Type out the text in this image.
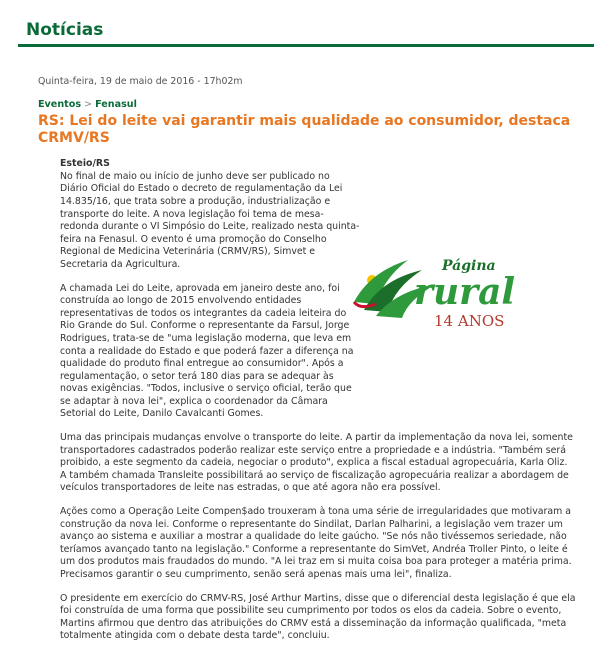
Notícias
Quinta-feira, 19 de maio de 2016 - 17h02m
Eventos > Fenasul
RS: Lei do leite vai garantir mais qualidade ao consumidor, destaca CRMV/RS
Esteio/RS

No final de maio ou início de junho deve ser publicado no Diário Oficial do Estado o decreto de regulamentação da Lei 14.835/16, que trata sobre a produção, industrialização e transporte do leite. A nova legislação foi tema de mesa-redonda durante o VI Simpósio do Leite, realizado nesta quinta-feira na Fenasul. O evento é uma promoção do Conselho Regional de Medicina Veterinária (CRMV/RS), Simvet e Secretaria da Agricultura.

A chamada Lei do Leite, aprovada em janeiro deste ano, foi construída ao longo de 2015 envolvendo entidades representativas de todos os integrantes da cadeia leiteira do Rio Grande do Sul. Conforme o representante da Farsul, Jorge Rodrigues, trata-se de "uma legislação moderna, que leva em conta a realidade do Estado e que poderá fazer a diferença na qualidade do produto final entregue ao consumidor". Após a regulamentação, o setor terá 180 dias para se adequar às novas exigências. "Todos, inclusive o serviço oficial, terão que se adaptar à nova lei", explica o coordenador da Câmara Setorial do Leite, Danilo Cavalcanti Gomes.

Uma das principais mudanças envolve o transporte do leite. A partir da implementação da nova lei, somente transportadores cadastrados poderão realizar este serviço entre a propriedade e a indústria. "Também será proibido, a este segmento da cadeia, negociar o produto", explica a fiscal estadual agropecuária, Karla Oliz. A também chamada Transleite possibilitará ao serviço de fiscalização agropecuária realizar a abordagem de veículos transportadores de leite nas estradas, o que até agora não era possível.

Ações como a Operação Leite Compen$ado trouxeram à tona uma série de irregularidades que motivaram a construção da nova lei. Conforme o representante do Sindilat, Darlan Palharini, a legislação vem trazer um avanço ao sistema e auxiliar a mostrar a qualidade do leite gaúcho. "Se nós não tivéssemos seriedade, não teríamos avançado tanto na legislação." Conforme a representante do SimVet, Andréa Troller Pinto, o leite é um dos produtos mais fraudados do mundo. "A lei traz em si muita coisa boa para proteger a matéria prima. Precisamos garantir o seu cumprimento, senão será apenas mais uma lei", finaliza.

O presidente em exercício do CRMV-RS, José Arthur Martins, disse que o diferencial desta legislação é que ela foi construída de uma forma que possibilite seu cumprimento por todos os elos da cadeia. Sobre o evento, Martins afirmou que dentro das atribuições do CRMV está a disseminação da informação qualificada, "meta totalmente atingida com o debate desta tarde", concluiu.

Página
rural
14 ANOS
